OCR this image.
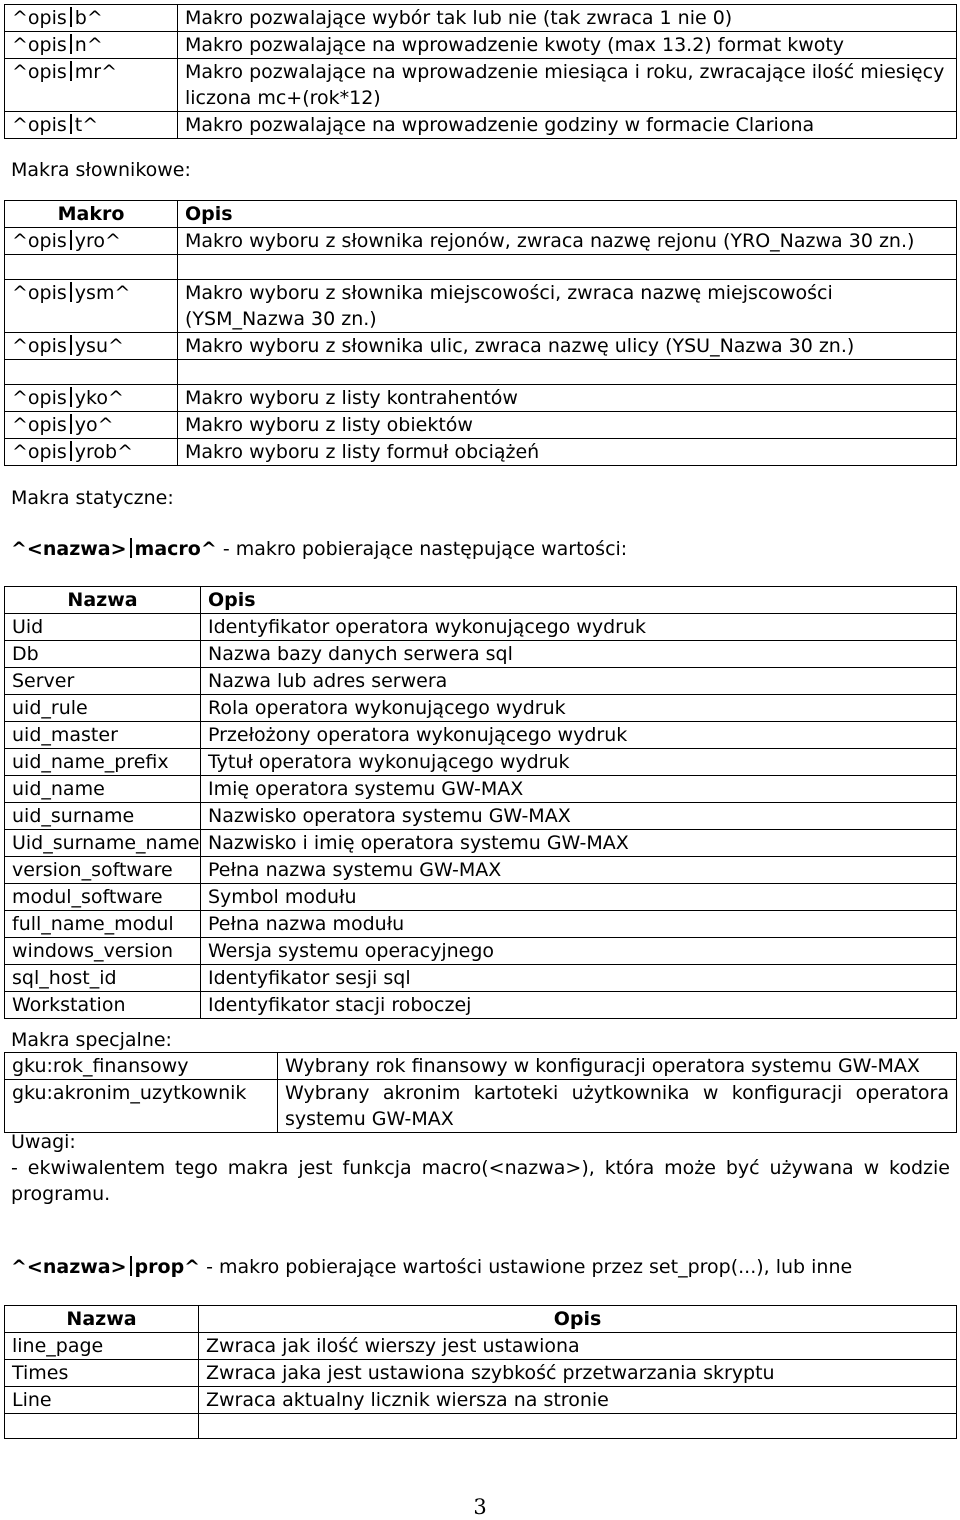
^opis b^	Makro pozwalające wybór tak lub nie (tak zwraca 1 nie 0)
^opis n^	Makro pozwalające na wprowadzenie kwoty (max 13.2) format kwoty
^opis mr^	Makro pozwalające na wprowadzenie miesiąca i roku, zwracające ilość miesięcy liczona mc+(rok*12)
^opis t^	Makro pozwalające na wprowadzenie godziny w formacie Clariona
Makra słownikowe:
Makro	Opis
^opis yro^	Makro wyboru z słownika rejonów, zwraca nazwę rejonu (YRO_Nazwa 30 zn.)

^opis ysm^	Makro wyboru z słownika miejscowości, zwraca nazwę miejscowości (YSM_Nazwa 30 zn.)
^opis ysu^	Makro wyboru z słownika ulic, zwraca nazwę ulicy (YSU_Nazwa 30 zn.)

^opis yko^	Makro wyboru z listy kontrahentów
^opis yo^	Makro wyboru z listy obiektów
^opis yrob^	Makro wyboru z listy formuł obciążeń
Makra statyczne:
^<nazwa> macro^ - makro pobierające następujące wartości:
Nazwa	Opis
Uid	Identyfikator operatora wykonującego wydruk
Db	Nazwa bazy danych serwera sql
Server	Nazwa lub adres serwera
uid_rule	Rola operatora wykonującego wydruk
uid_master	Przełożony operatora wykonującego wydruk
uid_name_prefix	Tytuł operatora wykonującego wydruk
uid_name	Imię operatora systemu GW-MAX
uid_surname	Nazwisko operatora systemu GW-MAX
Uid_surname_name	Nazwisko i imię operatora systemu GW-MAX
version_software	Pełna nazwa systemu GW-MAX
modul_software	Symbol modułu
full_name_modul	Pełna nazwa modułu
windows_version	Wersja systemu operacyjnego
sql_host_id	Identyfikator sesji sql
Workstation	Identyfikator stacji roboczej
Makra specjalne:
gku:rok_finansowy	Wybrany rok finansowy w konfiguracji operatora systemu GW-MAX
gku:akronim_uzytkownik	Wybrany akronim kartoteki użytkownika w konfiguracji operatora systemu GW-MAX
Uwagi:
- ekwiwalentem tego makra jest funkcja macro(<nazwa>), która może być używana w kodzie programu.
^<nazwa> prop^ - makro pobierające wartości ustawione przez set_prop(...), lub inne
Nazwa	Opis
line_page	Zwraca jak ilość wierszy jest ustawiona
Times	Zwraca jaka jest ustawiona szybkość przetwarzania skryptu
Line	Zwraca aktualny licznik wiersza na stronie

3
